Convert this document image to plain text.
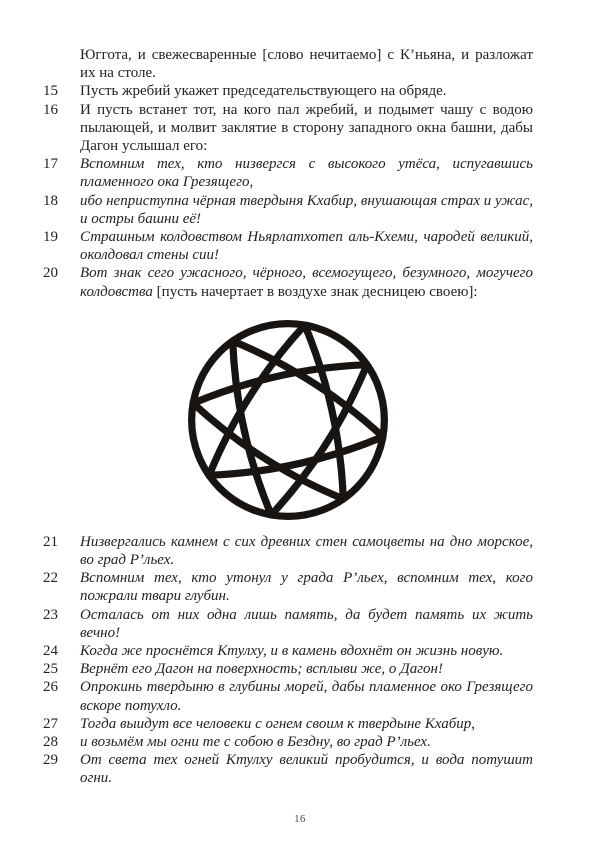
Юггота, и свежесваренные [слово нечитаемо] с К’ньяна, и разложат их на столе.
15	Пусть жребий укажет председательствующего на обряде.
16	И пусть встанет тот, на кого пал жребий, и подымет чашу с водою пылающей, и молвит заклятие в сторону западного окна башни, дабы Дагон услышал его:
17	Вспомним тех, кто низвергся с высокого утёса, испугавшись пламенного ока Грезящего,
18	ибо неприступна чёрная твердыня Кхабир, внушающая страх и ужас, и остры башни её!
19	Страшным колдовством Ньярлатхотеп аль-Кхеми, чародей великий, околдовал стены сии!
20	Вот знак сего ужасного, чёрного, всемогущего, безумного, могучего колдовства [пусть начертает в воздухе знак десницею своею]:
21	Низвергались камнем с сих древних стен самоцветы на дно морское, во град Р’льех.
22	Вспомним тех, кто утонул у града Р’льех, вспомним тех, кого пожрали твари глубин.
23	Осталась от них одна лишь память, да будет память их жить вечно!
24	Когда же проснётся Ктулху, и в камень вдохнёт он жизнь новую.
25	Вернёт его Дагон на поверхность; всплыви же, о Дагон!
26	Опрокинь твердыню в глубины морей, дабы пламенное око Грезящего вскоре потухло.
27	Тогда выидут все человеки с огнем своим к твердыне Кхабир,
28	и возьмём мы огни те с собою в Бездну, во град Р’льех.
29	От света тех огней Ктулху великий пробудится, и вода потушит огни.
16
